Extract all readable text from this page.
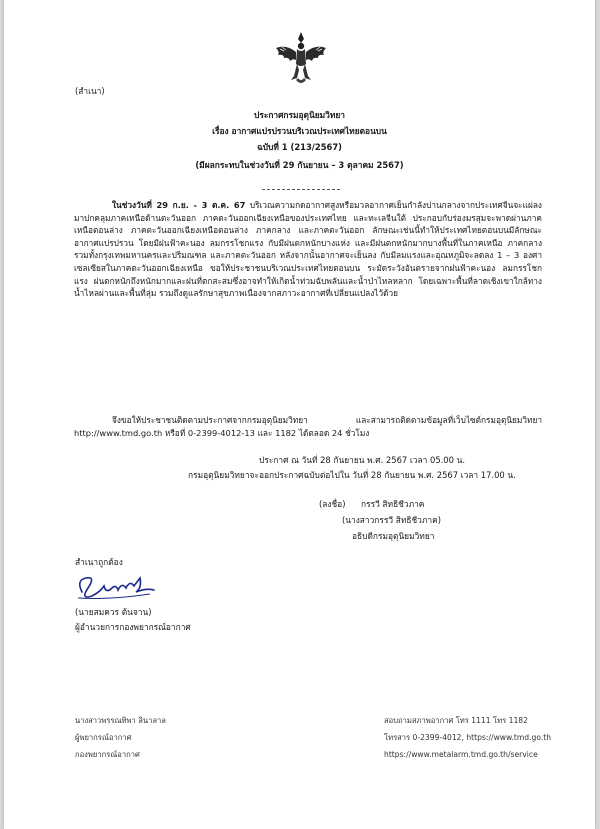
(สำเนา)
ประกาศกรมอุตุนิยมวิทยา
เรื่อง อากาศแปรปรวนบริเวณประเทศไทยตอนบน
ฉบับที่ 1 (213/2567)
(มีผลกระทบในช่วงวันที่ 29 กันยายน – 3 ตุลาคม 2567)
ในช่วงวันที่ 29 ก.ย. - 3 ต.ค. 67 บริเวณความกดอากาศสูงหรือมวลอากาศเย็นกำลังปานกลางจากประเทศจีนจะแผ่ลงมาปกคลุมภาคเหนือด้านตะวันออก ภาคตะวันออกเฉียงเหนือของประเทศไทย และทะเลจีนใต้ ประกอบกับร่องมรสุมจะพาดผ่านภาคเหนือตอนล่าง ภาคตะวันออกเฉียงเหนือตอนล่าง ภาคกลาง และภาคตะวันออก ลักษณะเช่นนี้ทำให้ประเทศไทยตอนบนมีลักษณะอากาศแปรปรวน โดยมีฝนฟ้าคะนอง ลมกรรโชกแรง กับมีฝนตกหนักบางแห่ง และมีฝนตกหนักมากบางพื้นที่ในภาคเหนือ ภาคกลางรวมทั้งกรุงเทพมหานครและปริมณฑล และภาคตะวันออก หลังจากนั้นอากาศจะเย็นลง กับมีลมแรงและอุณหภูมิจะลดลง 1 – 3 องศาเซลเซียสในภาคตะวันออกเฉียงเหนือ ขอให้ประชาชนบริเวณประเทศไทยตอนบน ระมัดระวังอันตรายจากฝนฟ้าคะนอง ลมกรรโชกแรง ฝนตกหนักถึงหนักมากและฝนที่ตกสะสมซึ่งอาจทำให้เกิดน้ำท่วมฉับพลันและน้ำป่าไหลหลาก โดยเฉพาะพื้นที่ลาดเชิงเขาใกล้ทางน้ำไหลผ่านและพื้นที่ลุ่ม รวมถึงดูแลรักษาสุขภาพเนื่องจากสภาวะอากาศที่เปลี่ยนแปลงไว้ด้วย
จึงขอให้ประชาชนติดตามประกาศจากกรมอุตุนิยมวิทยา และสามารถติดตามข้อมูลที่เว็บไซต์กรมอุตุนิยมวิทยา http://www.tmd.go.th หรือที่ 0-2399-4012-13 และ 1182 ได้ตลอด 24 ชั่วโมง
ประกาศ ณ วันที่ 28 กันยายน พ.ศ. 2567 เวลา 05.00 น.
กรมอุตุนิยมวิทยาจะออกประกาศฉบับต่อไปใน วันที่ 28 กันยายน พ.ศ. 2567 เวลา 17.00 น.
(ลงชื่อ) กรรวี สิทธิชีวภาค
(นางสาวกรรวี สิทธิชีวภาค)
อธิบดีกรมอุตุนิยมวิทยา
สำเนาถูกต้อง
(นายสมควร ต้นจาน)
ผู้อำนวยการกองพยากรณ์อากาศ
นางสาวพรรณทิพา ลินาลาล
ผู้พยากรณ์อากาศ
กองพยากรณ์อากาศ
สอบถามสภาพอากาศ โทร 1111 โทร 1182
โทรสาร 0-2399-4012, https://www.tmd.go.th
https://www.metalarm.tmd.go.th/service
